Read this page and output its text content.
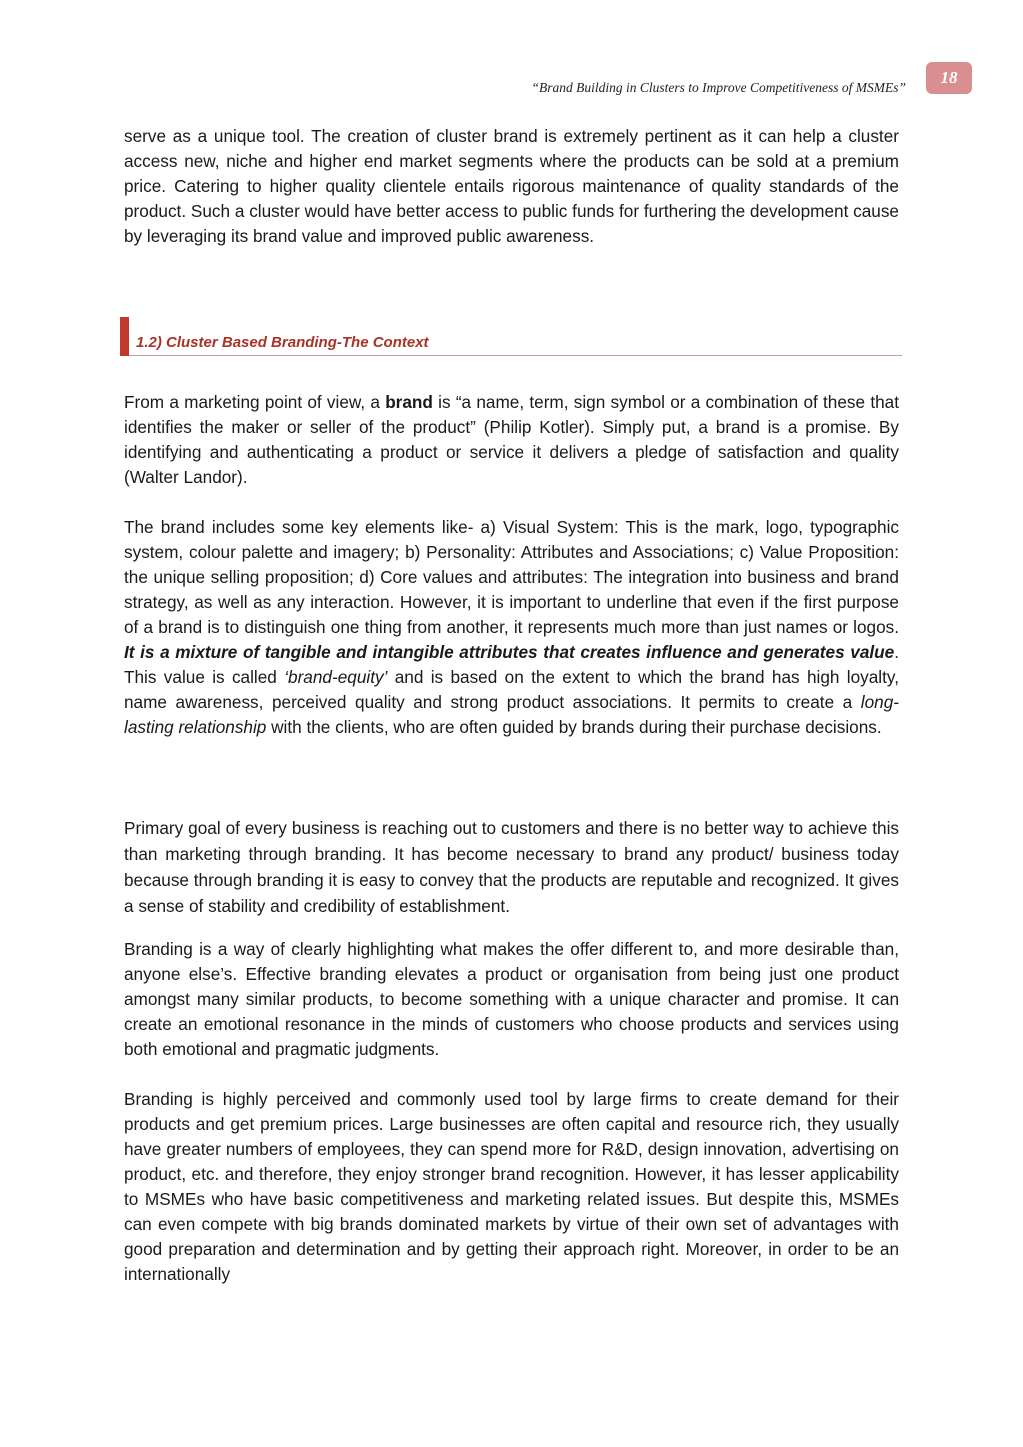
18
“Brand Building in Clusters to Improve Competitiveness of MSMEs”

serve as a unique tool. The creation of cluster brand is extremely pertinent as it can help a cluster access new, niche and higher end market segments where the products can be sold at a premium price. Catering to higher quality clientele entails rigorous maintenance of quality standards of the product. Such a cluster would have better access to public funds for furthering the development cause by leveraging its brand value and improved public awareness.

1.2) Cluster Based Branding-The Context

From a marketing point of view, a brand is “a name, term, sign symbol or a combination of these that identifies the maker or seller of the product” (Philip Kotler). Simply put, a brand is a promise. By identifying and authenticating a product or service it delivers a pledge of satisfaction and quality (Walter Landor).

The brand includes some key elements like- a) Visual System: This is the mark, logo, typographic system, colour palette and imagery; b) Personality: Attributes and Associations; c) Value Proposition: the unique selling proposition; d) Core values and attributes: The integration into business and brand strategy, as well as any interaction. However, it is important to underline that even if the first purpose of a brand is to distinguish one thing from another, it represents much more than just names or logos. It is a mixture of tangible and intangible attributes that creates influence and generates value. This value is called ‘brand-equity’ and is based on the extent to which the brand has high loyalty, name awareness, perceived quality and strong product associations. It permits to create a long-lasting relationship with the clients, who are often guided by brands during their purchase decisions.

Primary goal of every business is reaching out to customers and there is no better way to achieve this than marketing through branding. It has become necessary to brand any product/ business today because through branding it is easy to convey that the products are reputable and recognized. It gives a sense of stability and credibility of establishment.

Branding is a way of clearly highlighting what makes the offer different to, and more desirable than, anyone else’s. Effective branding elevates a product or organisation from being just one product amongst many similar products, to become something with a unique character and promise. It can create an emotional resonance in the minds of customers who choose products and services using both emotional and pragmatic judgments.

Branding is highly perceived and commonly used tool by large firms to create demand for their products and get premium prices. Large businesses are often capital and resource rich, they usually have greater numbers of employees, they can spend more for R&D, design innovation, advertising on product, etc. and therefore, they enjoy stronger brand recognition. However, it has lesser applicability to MSMEs who have basic competitiveness and marketing related issues. But despite this, MSMEs can even compete with big brands dominated markets by virtue of their own set of advantages with good preparation and determination and by getting their approach right. Moreover, in order to be an internationally
